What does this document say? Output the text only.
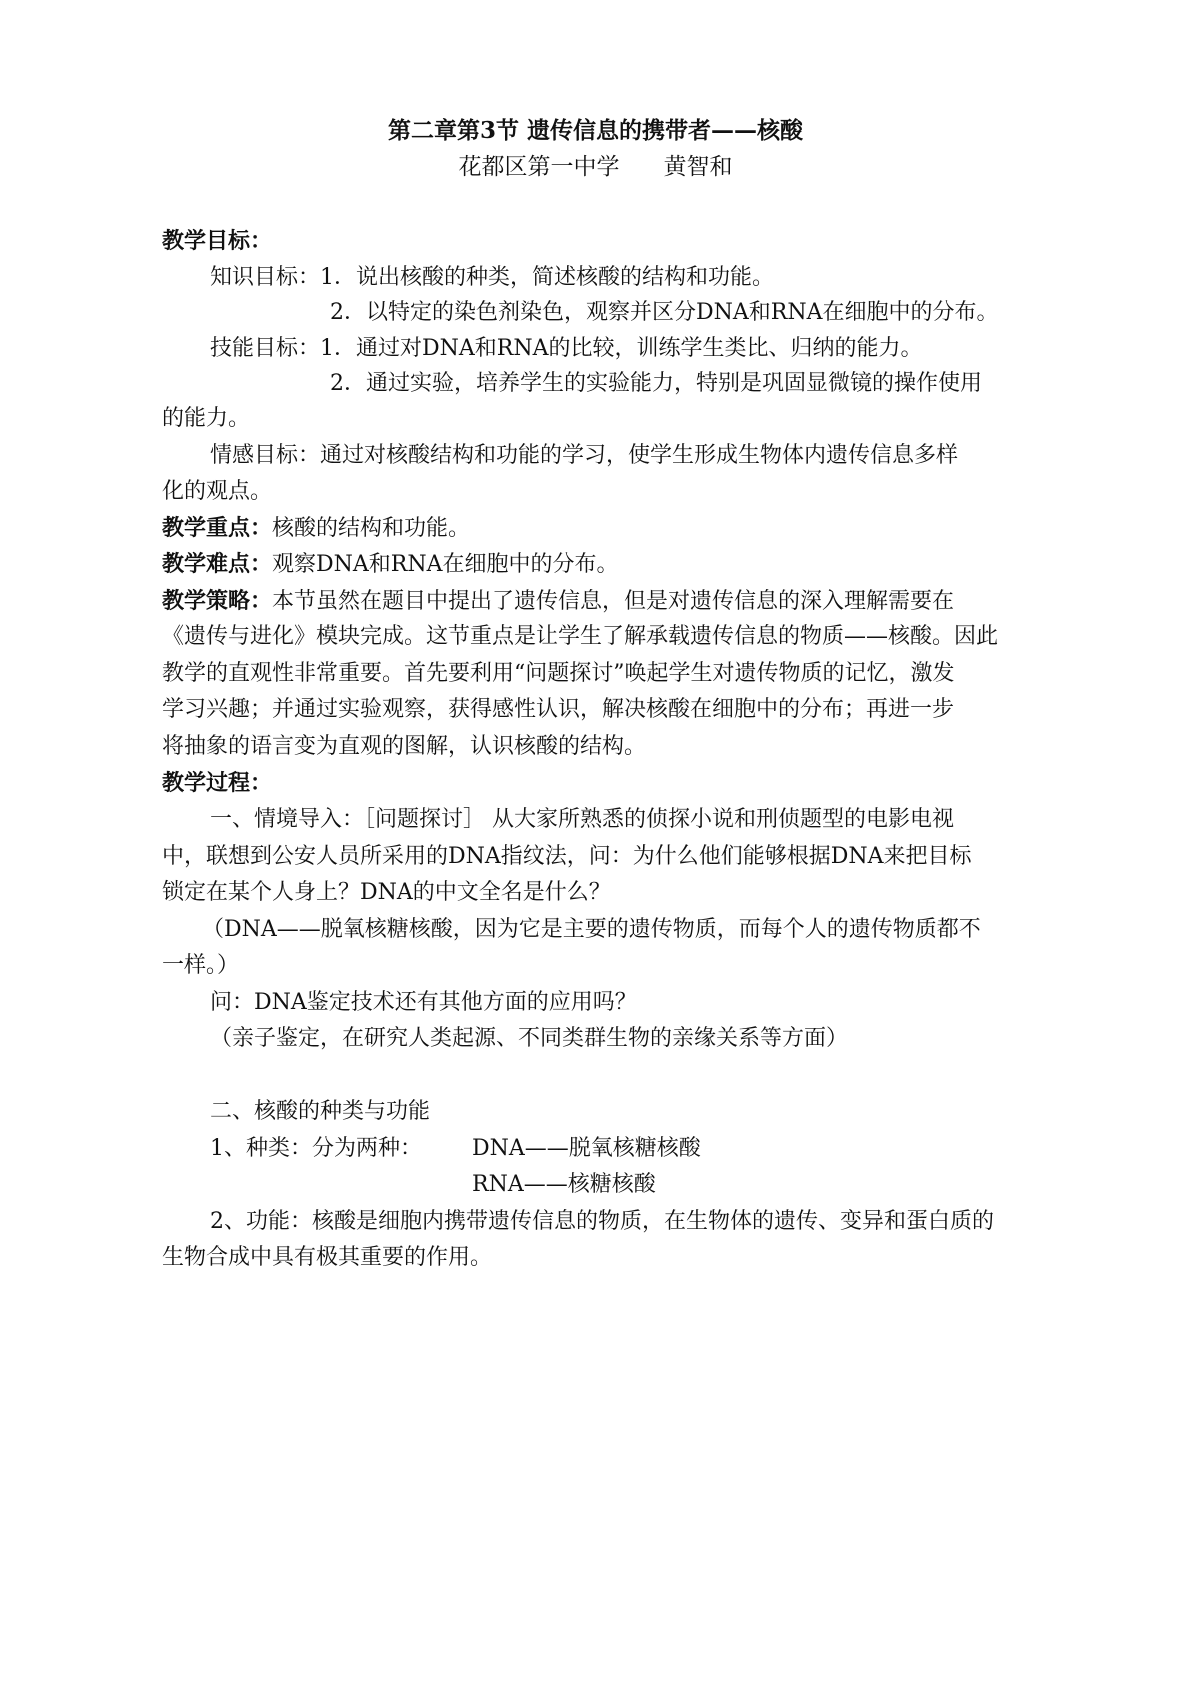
第二章第3节 遗传信息的携带者——核酸
花都区第一中学 黄智和
教学目标：
知识目标：1．说出核酸的种类，简述核酸的结构和功能。
2．以特定的染色剂染色，观察并区分DNA和RNA在细胞中的分布。
技能目标：1．通过对DNA和RNA的比较，训练学生类比、归纳的能力。
2．通过实验，培养学生的实验能力，特别是巩固显微镜的操作使用
的能力。
情感目标：通过对核酸结构和功能的学习，使学生形成生物体内遗传信息多样
化的观点。
教学重点：核酸的结构和功能。
教学难点：观察DNA和RNA在细胞中的分布。
教学策略：本节虽然在题目中提出了遗传信息，但是对遗传信息的深入理解需要在
《遗传与进化》模块完成。这节重点是让学生了解承载遗传信息的物质——核酸。因此
教学的直观性非常重要。首先要利用“问题探讨”唤起学生对遗传物质的记忆，激发
学习兴趣；并通过实验观察，获得感性认识，解决核酸在细胞中的分布；再进一步
将抽象的语言变为直观的图解，认识核酸的结构。
教学过程：
一、情境导入：［问题探讨］ 从大家所熟悉的侦探小说和刑侦题型的电影电视
中，联想到公安人员所采用的DNA指纹法，问：为什么他们能够根据DNA来把目标
锁定在某个人身上？DNA的中文全名是什么？
（DNA——脱氧核糖核酸，因为它是主要的遗传物质，而每个人的遗传物质都不
一样。）
问：DNA鉴定技术还有其他方面的应用吗？
（亲子鉴定，在研究人类起源、不同类群生物的亲缘关系等方面）
二、核酸的种类与功能
1、种类：分为两种： DNA——脱氧核糖核酸
RNA——核糖核酸
2、功能：核酸是细胞内携带遗传信息的物质，在生物体的遗传、变异和蛋白质的
生物合成中具有极其重要的作用。
